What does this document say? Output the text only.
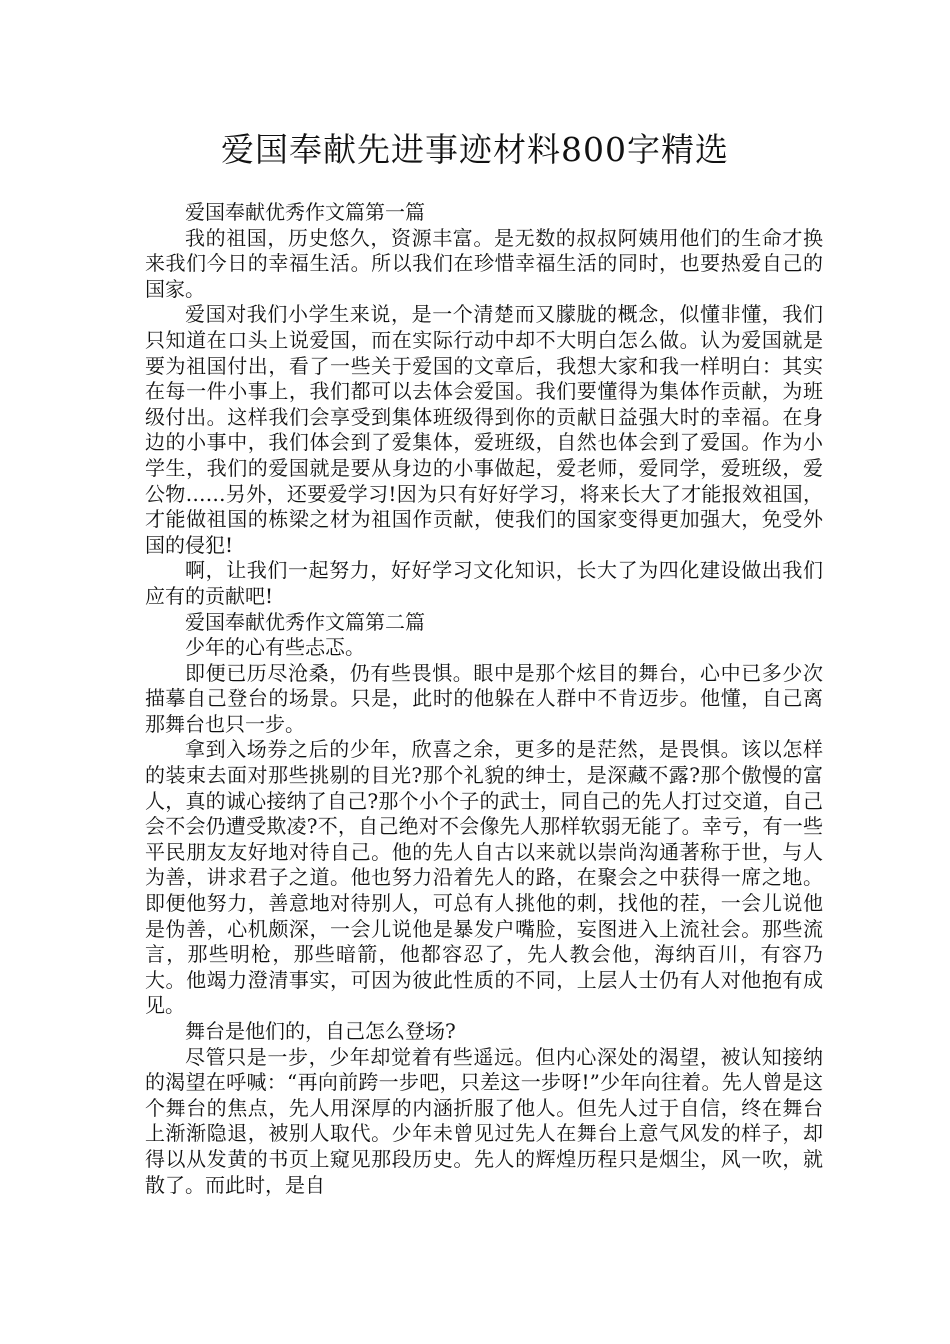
爱国奉献先进事迹材料800字精选

爱国奉献优秀作文篇第一篇

我的祖国，历史悠久，资源丰富。是无数的叔叔阿姨用他们的生命才换来我们今日的幸福生活。所以我们在珍惜幸福生活的同时，也要热爱自己的国家。

爱国对我们小学生来说，是一个清楚而又朦胧的概念，似懂非懂，我们只知道在口头上说爱国，而在实际行动中却不大明白怎么做。认为爱国就是要为祖国付出，看了一些关于爱国的文章后，我想大家和我一样明白：其实在每一件小事上，我们都可以去体会爱国。我们要懂得为集体作贡献，为班级付出。这样我们会享受到集体班级得到你的贡献日益强大时的幸福。在身边的小事中，我们体会到了爱集体，爱班级，自然也体会到了爱国。作为小学生，我们的爱国就是要从身边的小事做起，爱老师，爱同学，爱班级，爱公物……另外，还要爱学习!因为只有好好学习，将来长大了才能报效祖国，才能做祖国的栋梁之材为祖国作贡献，使我们的国家变得更加强大，免受外国的侵犯!

啊，让我们一起努力，好好学习文化知识，长大了为四化建设做出我们应有的贡献吧!

爱国奉献优秀作文篇第二篇

少年的心有些忐忑。

即便已历尽沧桑，仍有些畏惧。眼中是那个炫目的舞台，心中已多少次描摹自己登台的场景。只是，此时的他躲在人群中不肯迈步。他懂，自己离那舞台也只一步。

拿到入场券之后的少年，欣喜之余，更多的是茫然，是畏惧。该以怎样的装束去面对那些挑剔的目光?那个礼貌的绅士，是深藏不露?那个傲慢的富人，真的诚心接纳了自己?那个小个子的武士，同自己的先人打过交道，自己会不会仍遭受欺凌?不，自己绝对不会像先人那样软弱无能了。幸亏，有一些平民朋友友好地对待自己。他的先人自古以来就以崇尚沟通著称于世，与人为善，讲求君子之道。他也努力沿着先人的路，在聚会之中获得一席之地。即便他努力，善意地对待别人，可总有人挑他的刺，找他的茬，一会儿说他是伪善，心机颇深，一会儿说他是暴发户嘴脸，妄图进入上流社会。那些流言，那些明枪，那些暗箭，他都容忍了，先人教会他，海纳百川，有容乃大。他竭力澄清事实，可因为彼此性质的不同，上层人士仍有人对他抱有成见。

舞台是他们的，自己怎么登场?

尽管只是一步，少年却觉着有些遥远。但内心深处的渴望，被认知接纳的渴望在呼喊：“再向前跨一步吧，只差这一步呀!”少年向往着。先人曾是这个舞台的焦点，先人用深厚的内涵折服了他人。但先人过于自信，终在舞台上渐渐隐退，被别人取代。少年未曾见过先人在舞台上意气风发的样子，却得以从发黄的书页上窥见那段历史。先人的辉煌历程只是烟尘，风一吹，就散了。而此时，是自
